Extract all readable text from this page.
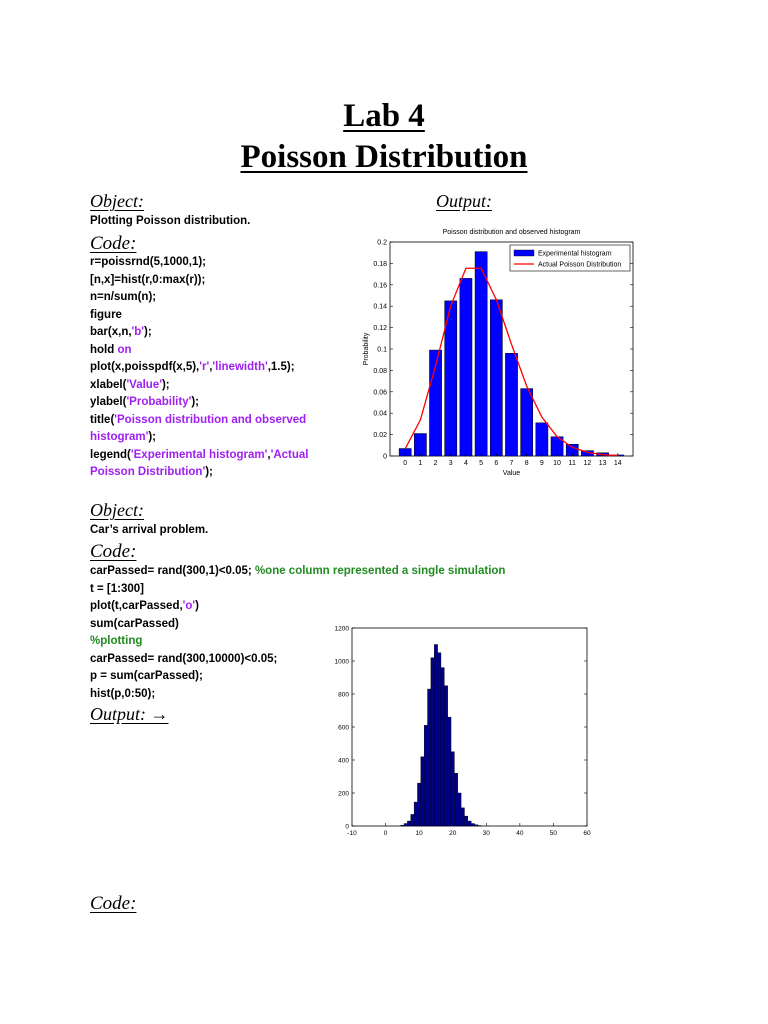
Lab 4
Poisson Distribution
Object:	Output:
Plotting Poisson distribution.
Code:
r=poissrnd(5,1000,1);
[n,x]=hist(r,0:max(r));
n=n/sum(n);
figure
bar(x,n,'b');
hold on
plot(x,poisspdf(x,5),'r','linewidth',1.5);
xlabel('Value');
ylabel('Probability');
title('Poisson distribution and observed
histogram');
legend('Experimental histogram','Actual
Poisson Distribution');
Poisson distribution and observed histogram
0
0.02
0.04
0.06
0.08
0.1
0.12
0.14
0.16
0.18
0.2
0 1 2 3 4 5 6 7 8 9 10 11 12 13 14
Value
Probability
Experimental histogram
Actual Poisson Distribution
Object:
Car’s arrival problem.
Code:
carPassed= rand(300,1)<0.05; %one column represented a single simulation
t = [1:300]
plot(t,carPassed,'o')
sum(carPassed)
%plotting
carPassed= rand(300,10000)<0.05;
p = sum(carPassed);
hist(p,0:50);
Output: →
0
200
400
600
800
1000
1200
-10	0	10	20	30	40	50	60
Code:
